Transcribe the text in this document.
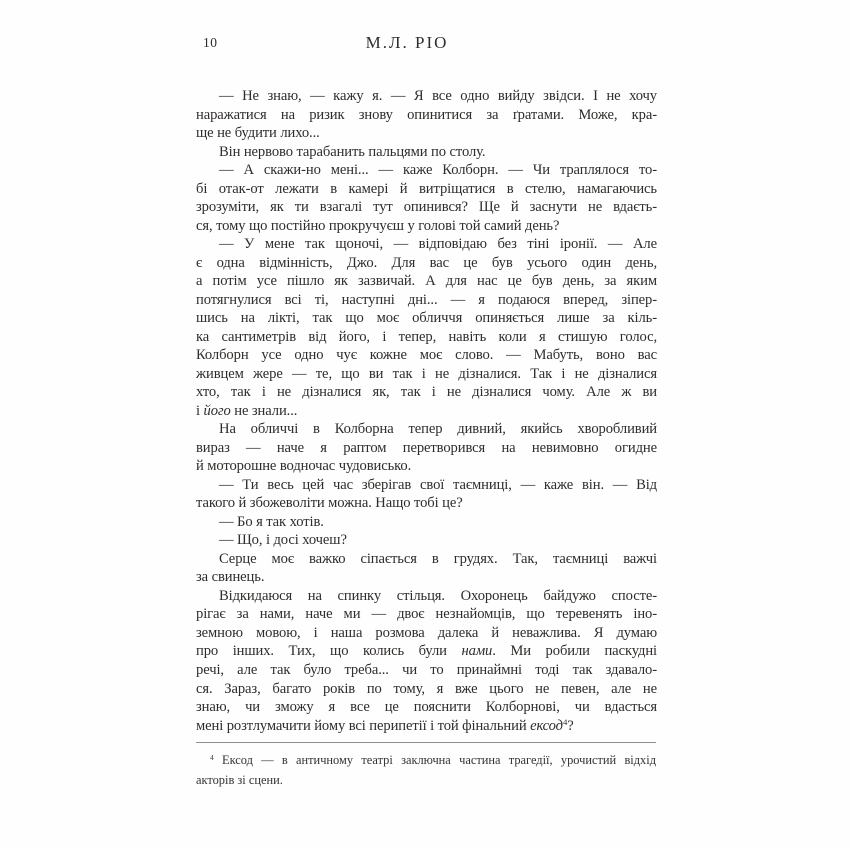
10	М.Л. РІО
— Не знаю, — кажу я. — Я все одно вийду звідси. І не хочу
наражатися на ризик знову опинитися за ґратами. Може, кра-
ще не будити лихо...
Він нервово тарабанить пальцями по столу.
— А скажи-но мені... — каже Колборн. — Чи траплялося то-
бі отак-от лежати в камері й витріщатися в стелю, намагаючись
зрозуміти, як ти взагалі тут опинився? Ще й заснути не вдаєть-
ся, тому що постійно прокручуєш у голові той самий день?
— У мене так щоночі, — відповідаю без тіні іронії. — Але
є одна відмінність, Джо. Для вас це був усього один день,
а потім усе пішло як зазвичай. А для нас це був день, за яким
потягнулися всі ті, наступні дні... — я подаюся вперед, зіпер-
шись на лікті, так що моє обличчя опиняється лише за кіль-
ка сантиметрів від його, і тепер, навіть коли я стишую голос,
Колборн усе одно чує кожне моє слово. — Мабуть, воно вас
живцем жере — те, що ви так і не дізналися. Так і не дізналися
хто, так і не дізналися як, так і не дізналися чому. Але ж ви
і його не знали...
На обличчі в Колборна тепер дивний, якийсь хворобливий
вираз — наче я раптом перетворився на невимовно огидне
й моторошне водночас чудовисько.
— Ти весь цей час зберігав свої таємниці, — каже він. — Від
такого й збожеволіти можна. Нащо тобі це?
— Бо я так хотів.
— Що, і досі хочеш?
Серце моє важко сіпається в грудях. Так, таємниці важчі
за свинець.
Відкидаюся на спинку стільця. Охоронець байдужо спосте-
рігає за нами, наче ми — двоє незнайомців, що теревенять іно-
земною мовою, і наша розмова далека й неважлива. Я думаю
про інших. Тих, що колись були нами. Ми робили паскудні
речі, але так було треба... чи то принаймні тоді так здавало-
ся. Зараз, багато років по тому, я вже цього не певен, але не
знаю, чи зможу я все це пояснити Колборнові, чи вдасться
мені розтлумачити йому всі перипетії і той фінальний ексод$^4$?
$^4$ Ексод — в античному театрі заключна частина трагедії, урочистий відхід
акторів зі сцени.
